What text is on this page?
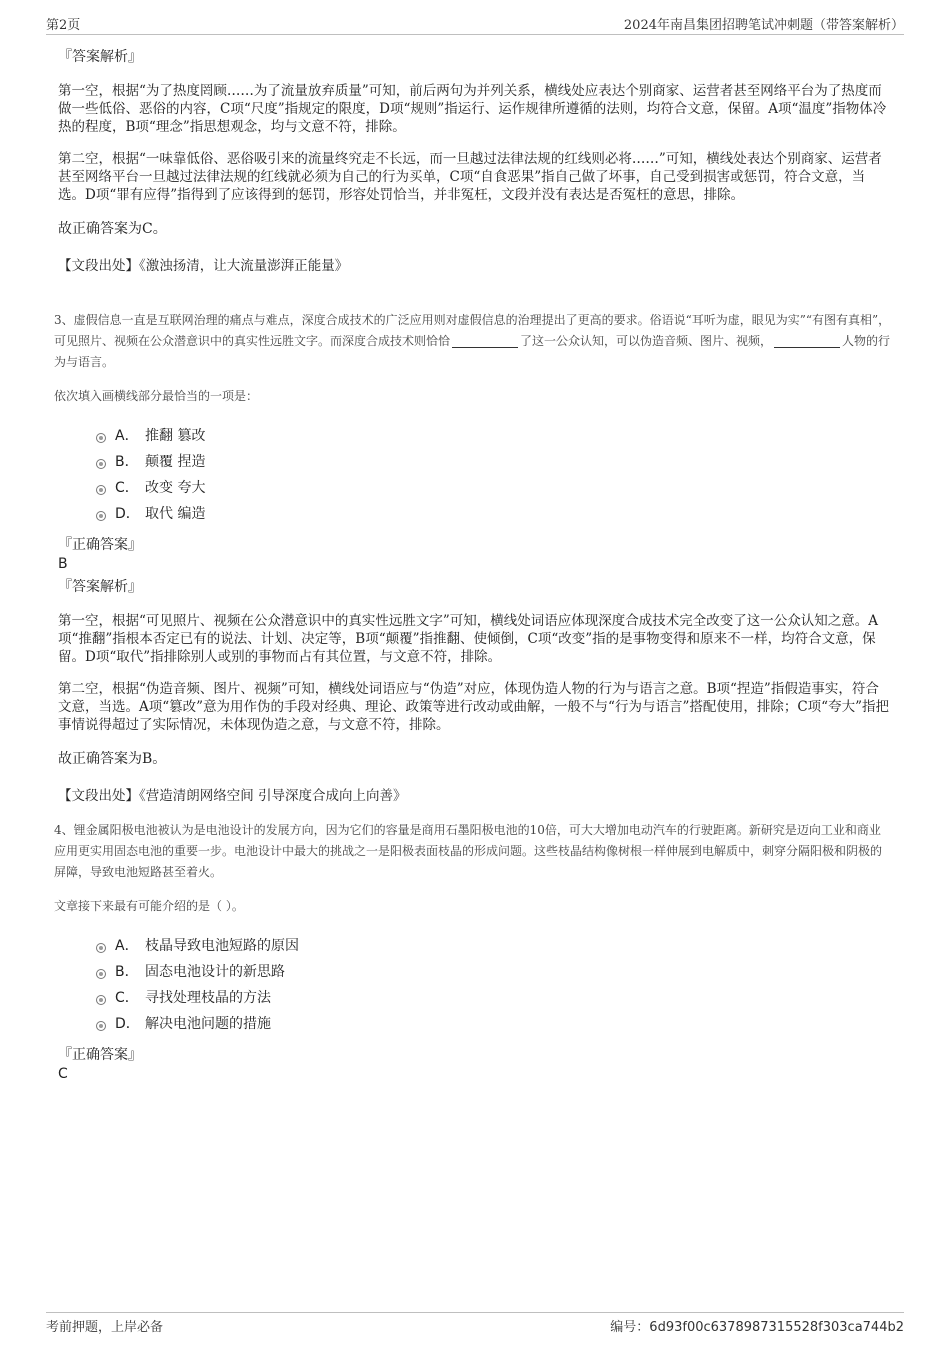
第2页	2024年南昌集团招聘笔试冲刺题（带答案解析）
『答案解析』

第一空，根据“为了热度罔顾……为了流量放弃质量”可知，前后两句为并列关系，横线处应表达个别商家、运营者甚至网络平台为了热度而做一些低俗、恶俗的内容，C项“尺度”指规定的限度，D项“规则”指运行、运作规律所遵循的法则，均符合文意，保留。A项“温度”指物体冷热的程度，B项“理念”指思想观念，均与文意不符，排除。

第二空，根据“一味靠低俗、恶俗吸引来的流量终究走不长远，而一旦越过法律法规的红线则必将……”可知，横线处表达个别商家、运营者甚至网络平台一旦越过法律法规的红线就必须为自己的行为买单，C项“自食恶果”指自己做了坏事，自己受到损害或惩罚，符合文意，当选。D项“罪有应得”指得到了应该得到的惩罚，形容处罚恰当，并非冤枉，文段并没有表达是否冤枉的意思，排除。

故正确答案为C。
【文段出处】《激浊扬清，让大流量澎湃正能量》
3、虚假信息一直是互联网治理的痛点与难点，深度合成技术的广泛应用则对虚假信息的治理提出了更高的要求。俗语说“耳听为虚，眼见为实”“有图有真相”，可见照片、视频在公众潜意识中的真实性远胜文字。而深度合成技术则恰恰	了这一公众认知，可以伪造音频、图片、视频，	人物的行为与语言。
依次填入画横线部分最恰当的一项是：
A． 推翻 篡改
B． 颠覆 捏造
C． 改变 夸大
D． 取代 编造
『正确答案』
B
『答案解析』

第一空，根据“可见照片、视频在公众潜意识中的真实性远胜文字”可知，横线处词语应体现深度合成技术完全改变了这一公众认知之意。A项“推翻”指根本否定已有的说法、计划、决定等，B项“颠覆”指推翻、使倾倒，C项“改变”指的是事物变得和原来不一样，均符合文意，保留。D项“取代”指排除别人或别的事物而占有其位置，与文意不符，排除。

第二空，根据“伪造音频、图片、视频”可知，横线处词语应与“伪造”对应，体现伪造人物的行为与语言之意。B项“捏造”指假造事实，符合文意，当选。A项“篡改”意为用作伪的手段对经典、理论、政策等进行改动或曲解，一般不与“行为与语言”搭配使用，排除；C项“夸大”指把事情说得超过了实际情况，未体现伪造之意，与文意不符，排除。

故正确答案为B。
【文段出处】《营造清朗网络空间 引导深度合成向上向善》
4、锂金属阳极电池被认为是电池设计的发展方向，因为它们的容量是商用石墨阳极电池的10倍，可大大增加电动汽车的行驶距离。新研究是迈向工业和商业应用更实用固态电池的重要一步。电池设计中最大的挑战之一是阳极表面枝晶的形成问题。这些枝晶结构像树根一样伸展到电解质中，刺穿分隔阳极和阴极的屏障，导致电池短路甚至着火。
文章接下来最有可能介绍的是（ ）。
A． 枝晶导致电池短路的原因
B． 固态电池设计的新思路
C． 寻找处理枝晶的方法
D． 解决电池问题的措施
『正确答案』
C
考前押题，上岸必备	编号：6d93f00c6378987315528f303ca744b2
